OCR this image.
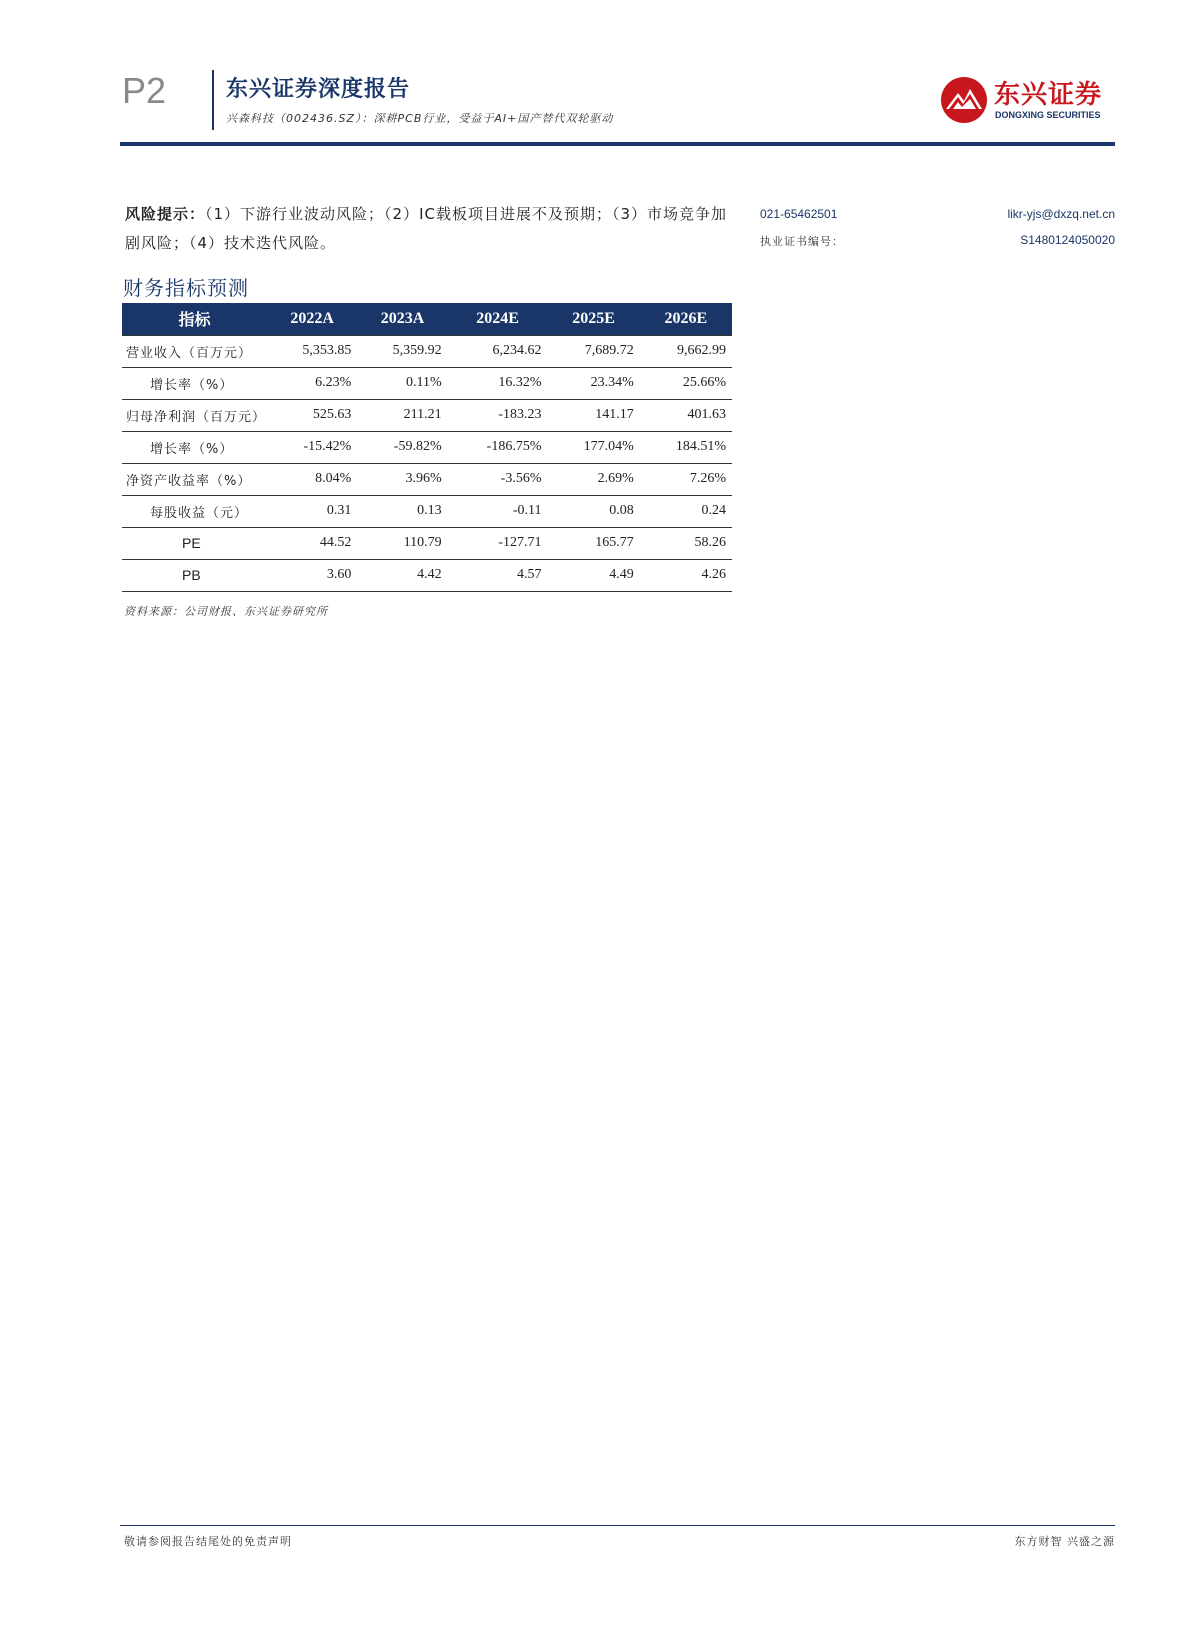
P2	东兴证券深度报告
兴森科技（002436.SZ）：深耕PCB行业，受益于AI+国产替代双轮驱动
东兴证券
DONGXING SECURITIES
风险提示：（1）下游行业波动风险；（2）IC载板项目进展不及预期；（3）市场竞争加剧风险；（4）技术迭代风险。
021-65462501	likr-yjs@dxzq.net.cn
执业证书编号：	S1480124050020
财务指标预测
指标	2022A	2023A	2024E	2025E	2026E
营业收入（百万元）	5,353.85	5,359.92	6,234.62	7,689.72	9,662.99
增长率（%）	6.23%	0.11%	16.32%	23.34%	25.66%
归母净利润（百万元）	525.63	211.21	-183.23	141.17	401.63
增长率（%）	-15.42%	-59.82%	-186.75%	177.04%	184.51%
净资产收益率（%）	8.04%	3.96%	-3.56%	2.69%	7.26%
每股收益（元）	0.31	0.13	-0.11	0.08	0.24
PE	44.52	110.79	-127.71	165.77	58.26
PB	3.60	4.42	4.57	4.49	4.26
资料来源：公司财报、东兴证券研究所
敬请参阅报告结尾处的免责声明	东方财智 兴盛之源
